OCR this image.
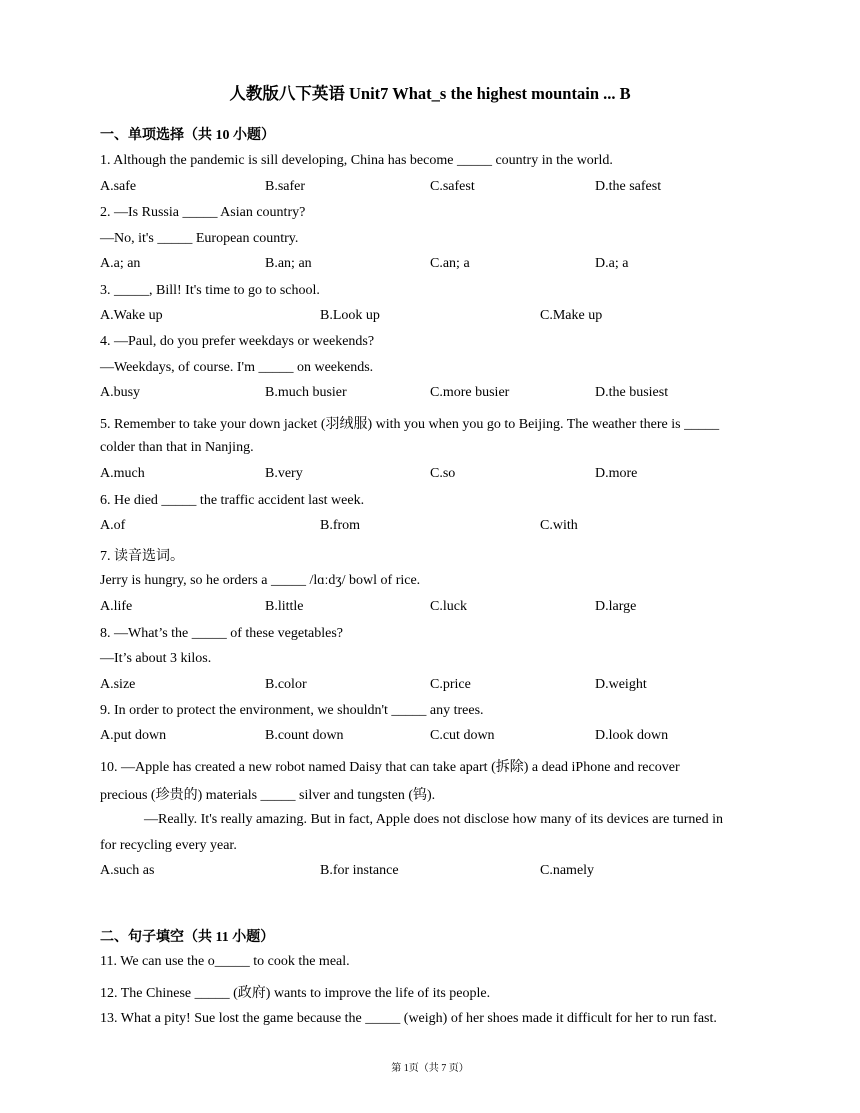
人教版八下英语 Unit7 What_s the highest mountain ... B
一、单项选择（共 10 小题）
1. Although the pandemic is sill developing, China has become _____ country in the world.
A.safe	B.safer	C.safest	D.the safest
2. —Is Russia _____ Asian country?
—No, it's _____ European country.
A.a; an	B.an; an	C.an; a	D.a; a
3. _____, Bill! It's time to go to school.
A.Wake up	B.Look up	C.Make up
4. —Paul, do you prefer weekdays or weekends?
—Weekdays, of course. I'm _____ on weekends.
A.busy	B.much busier	C.more busier	D.the busiest
5. Remember to take your down jacket (羽绒服) with you when you go to Beijing. The weather there is _____
colder than that in Nanjing.
A.much	B.very	C.so	D.more
6. He died _____ the traffic accident last week.
A.of	B.from	C.with
7. 读音选词。
Jerry is hungry, so he orders a _____ /lɑːdʒ/ bowl of rice.
A.life	B.little	C.luck	D.large
8. —What’s the _____ of these vegetables?
—It’s about 3 kilos.
A.size	B.color	C.price	D.weight
9. In order to protect the environment, we shouldn't _____ any trees.
A.put down	B.count down	C.cut down	D.look down
10. —Apple has created a new robot named Daisy that can take apart (拆除) a dead iPhone and recover
precious (珍贵的) materials _____ silver and tungsten (钨).
—Really. It's really amazing. But in fact, Apple does not disclose how many of its devices are turned in
for recycling every year.
A.such as	B.for instance	C.namely
二、句子填空（共 11 小题）
11. We can use the o_____ to cook the meal.
12. The Chinese _____ (政府) wants to improve the life of its people.
13. What a pity! Sue lost the game because the _____ (weigh) of her shoes made it difficult for her to run fast.
第 1页（共 7 页）
